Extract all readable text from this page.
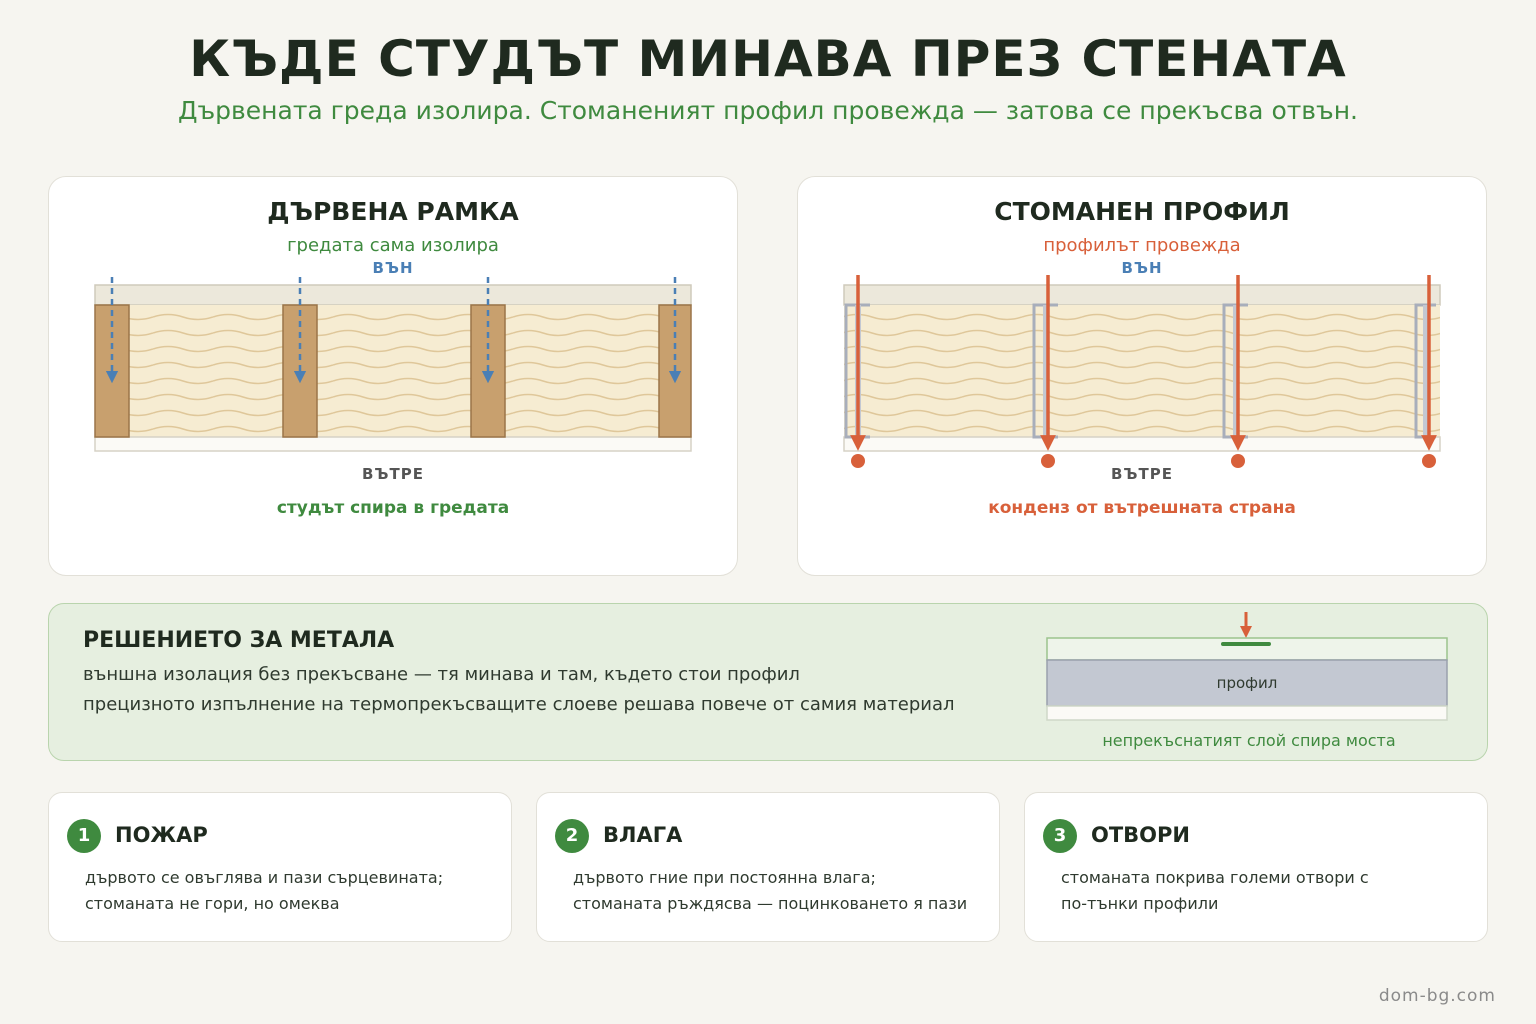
КЪДЕ СТУДЪТ МИНАВА ПРЕЗ СТЕНАТА
Дървената греда изолира. Стоманеният профил провежда — затова се прекъсва отвън.
ДЪРВЕНА РАМКА
гредата сама изолира
ВЪН
ВЪТРЕ
студът спира в гредата
СТОМАНЕН ПРОФИЛ
профилът провежда
ВЪН
ВЪТРЕ
конденз от вътрешната страна
РЕШЕНИЕТО ЗА МЕТАЛА
външна изолация без прекъсване — тя минава и там, където стои профил
прецизното изпълнение на термопрекъсващите слоеве решава повече от самия материал
профил
непрекъснатият слой спира моста
1	ПОЖАР
дървото се овъглява и пази сърцевината;
стоманата не гори, но омеква
2	ВЛАГА
дървото гние при постоянна влага;
стоманата ръждясва — поцинковането я пази
3	ОТВОРИ
стоманата покрива големи отвори с
по-тънки профили
dom-bg.com
